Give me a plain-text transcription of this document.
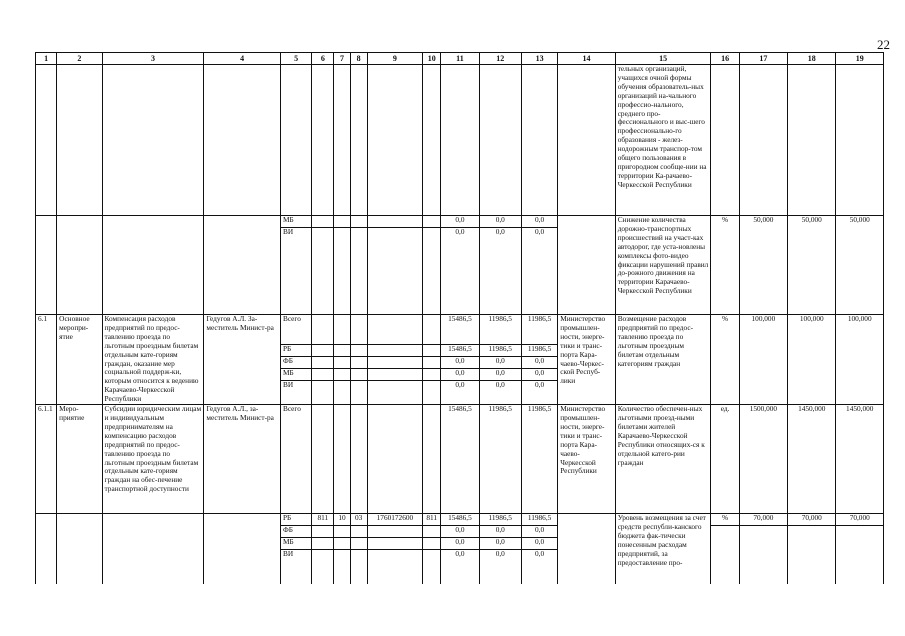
22
1	2	3	4	5	6	7	8	9	10	11	12	13	14	15	16	17	18	19
														тельных организаций, учащихся очной формы обучения образователь-ных организаций на-чального профессио-нального, среднего про-фессионального и выс-шего профессионально-го образования - желез-нодорожным транспор-том общего пользования в пригородном сообще-нии на территории Ка-рачаево-Черкесской Республики				
				МБ						0,0	0,0	0,0		Снижение количества дорожно-транспортных происшествий на участ-ках автодорог, где уста-новлены комплексы фото-видео фиксации нарушений правил до-рожного движения на территории Карачаево-Черкесской Республики	%	50,000	50,000	50,000
				ВИ						0,0	0,0	0,0						
6.1	Основное меропри-ятие	Компенсация расходов предприятий по предос-тавлению проезда по льготным проездным билетам отдельным кате-гориям граждан, оказание мер социальной поддерж-ки, которым относится к ведению Карачаево-Черкесской Республики	Гедугов А.Л. За-меститель Минист-ра	Всего						15486,5	11986,5	11986,5	Министерство промышлен-ности, энерге-тики и транс-порта Кара-чаево-Черкес-ской Респуб-лики	Возмещение расходов предприятий по предос-тавлению проезда по льготным проездным билетам отдельным категориям граждан	%	100,000	100,000	100,000
				РБ						15486,5	11986,5	11986,5						
				ФБ						0,0	0,0	0,0						
				МБ						0,0	0,0	0,0						
				ВИ						0,0	0,0	0,0						
6.1.1	Меро-приятие	Субсидии юридическим лицам и индивидуальным предпринимателям на компенсацию расходов предприятий по предос-тавлению проезда по льготным проездным билетам отдельным кате-гориям граждан на обес-печение транспортной доступности	Гедугов А.Л., за-меститель Минист-ра	Всего						15486,5	11986,5	11986,5	Министерство промышлен-ности, энерге-тики и транс-порта Кара-чаево-Черкесской Республики	Количество обеспечен-ных льготными проезд-ными билетами жителей Карачаево-Черкесской Республики относящих-ся к отдельной катего-рии граждан	ед.	1500,000	1450,000	1450,000
				РБ	811	10	03	1760172600	811	15486,5	11986,5	11986,5		Уровень возмещения за счет средств республи-канского бюджета фак-тически понесенным расходам предприятий, за предоставление про-	%	70,000	70,000	70,000
				ФБ						0,0	0,0	0,0						
				МБ						0,0	0,0	0,0						
				ВИ						0,0	0,0	0,0						
